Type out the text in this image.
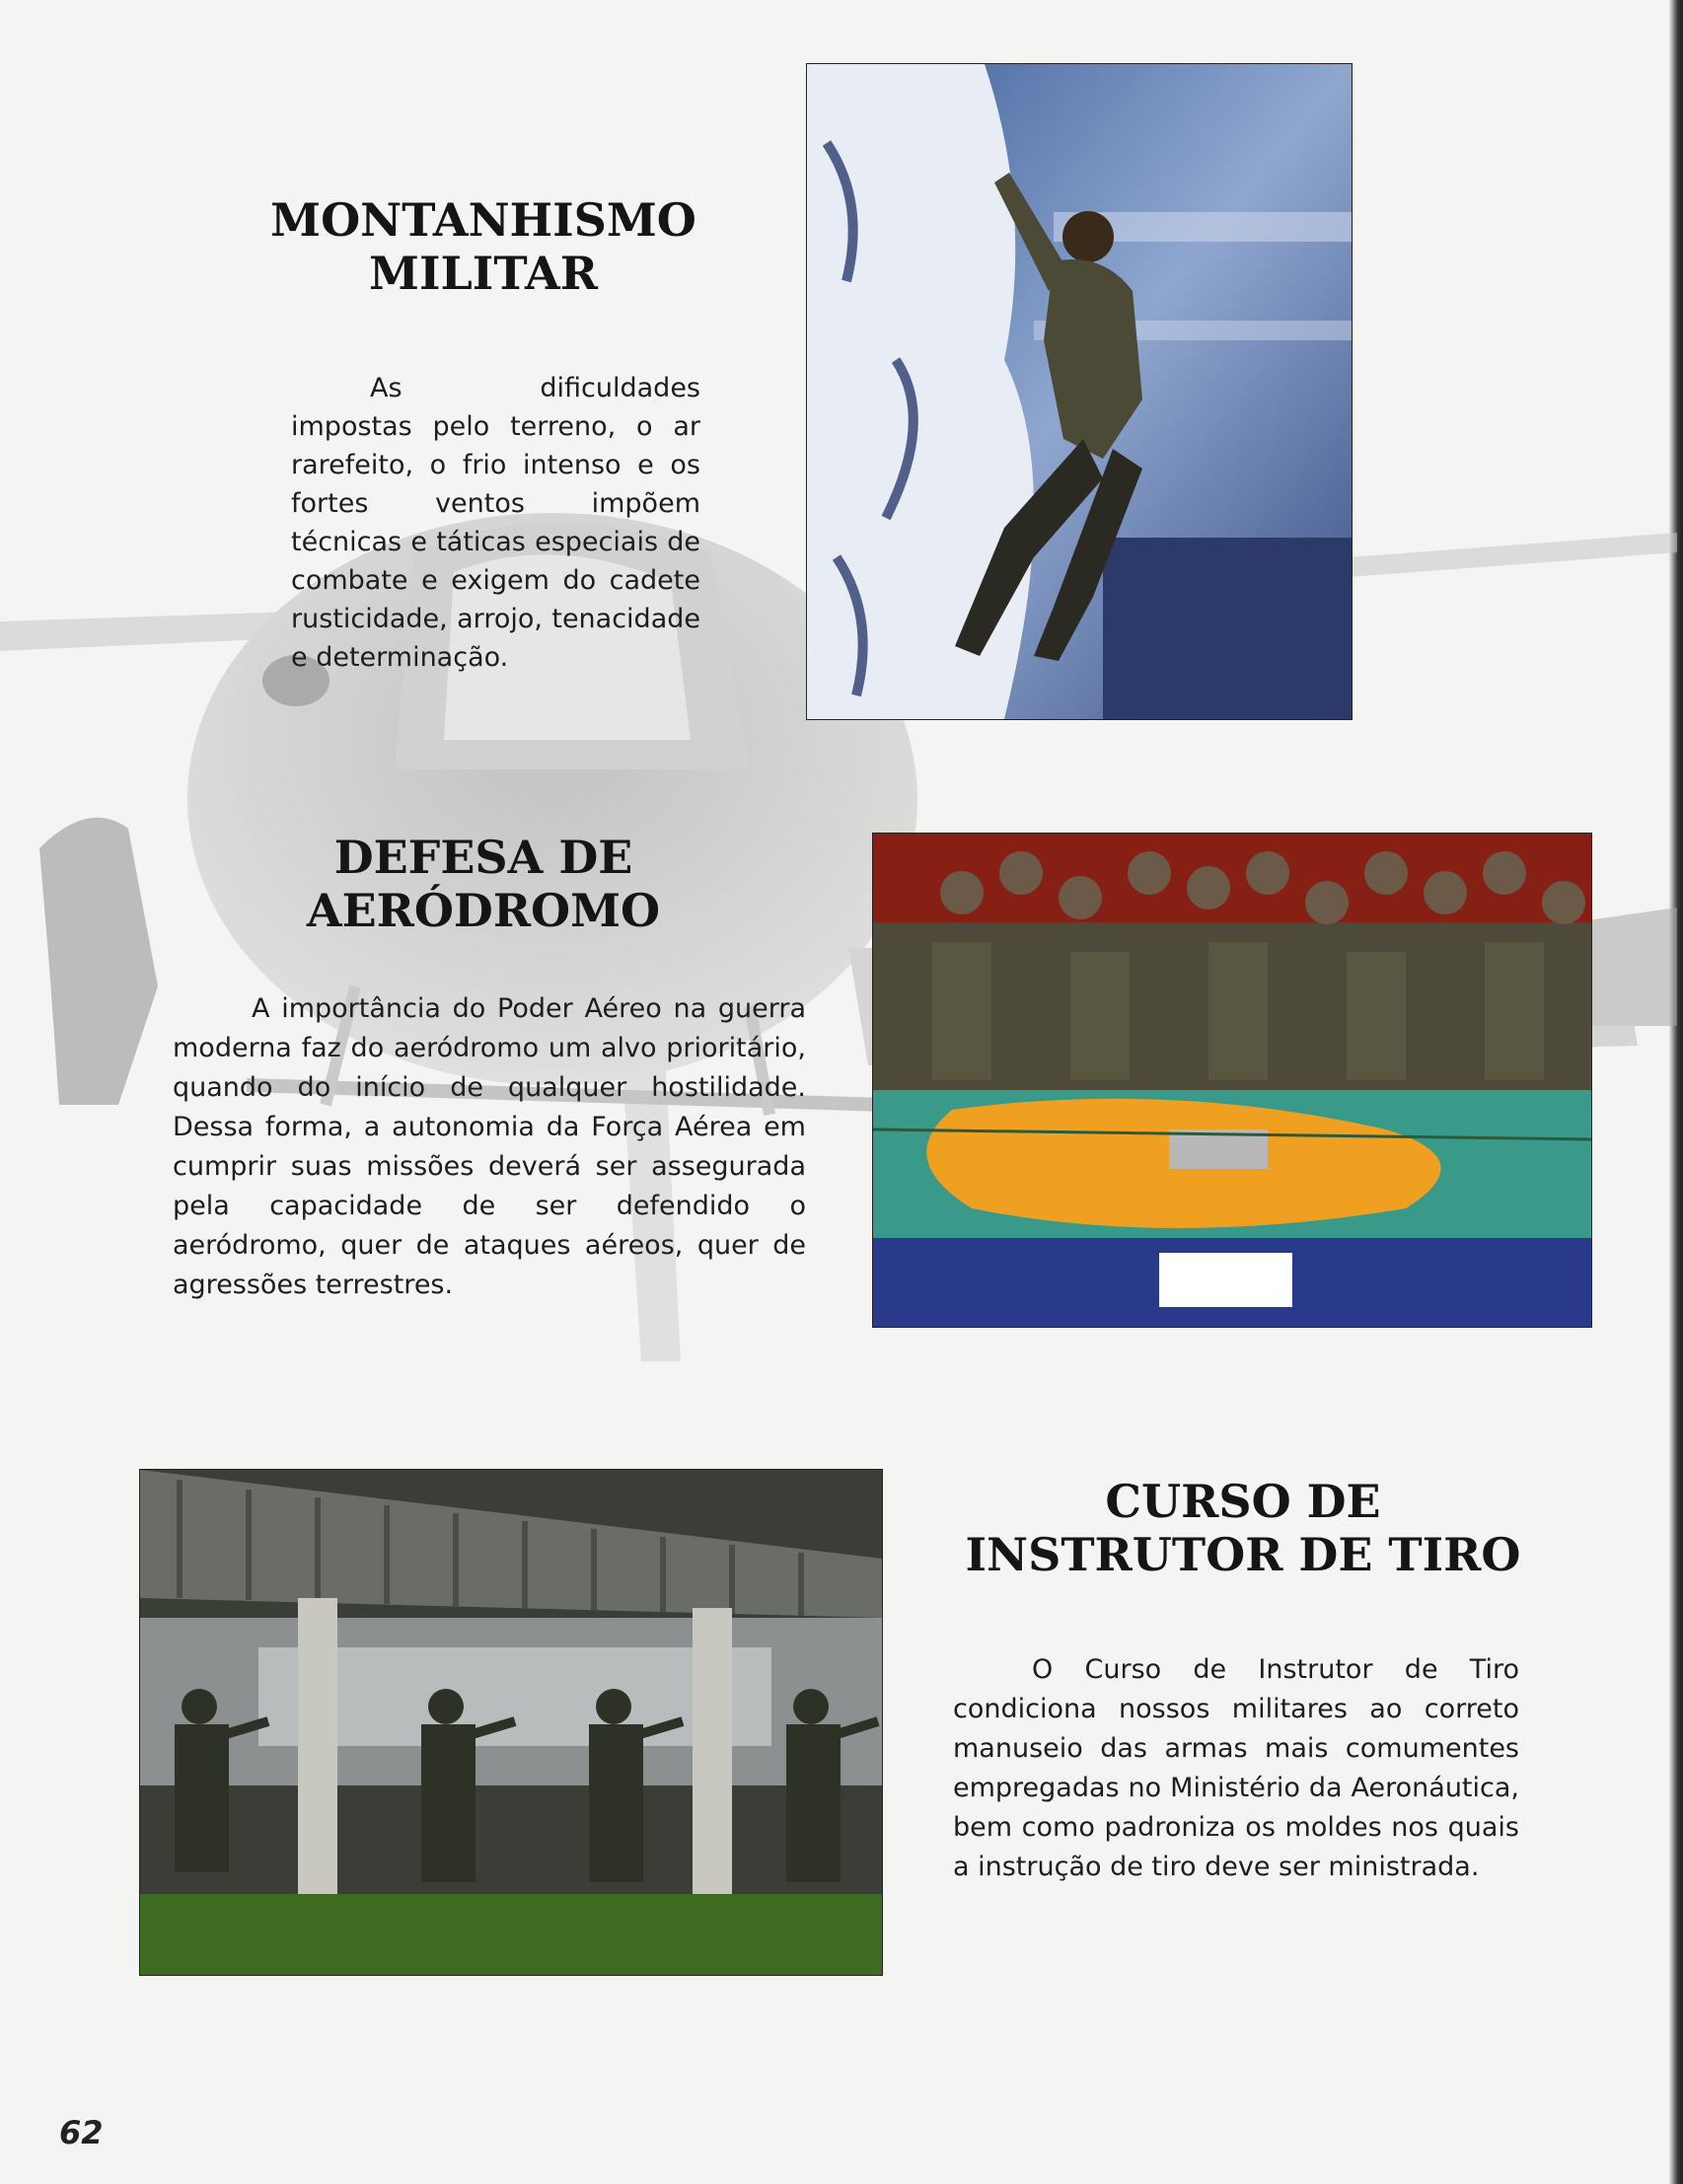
MONTANHISMO
MILITAR

As dificuldades impostas pelo terreno, o ar rarefeito, o frio intenso e os fortes ventos impõem técnicas e táticas especiais de combate e exigem do cadete rusticidade, arrojo, tenacidade e determinação.

DEFESA DE
AERÓDROMO

A importância do Poder Aéreo na guerra moderna faz do aeródromo um alvo prioritário, quando do início de qualquer hostilidade. Dessa forma, a autonomia da Força Aérea em cumprir suas missões deverá ser assegurada pela capacidade de ser defendido o aeródromo, quer de ataques aéreos, quer de agressões terrestres.

CURSO DE
INSTRUTOR DE TIRO

O Curso de Instrutor de Tiro condiciona nossos militares ao correto manuseio das armas mais comumentes empregadas no Ministério da Aeronáutica, bem como padroniza os moldes nos quais a instrução de tiro deve ser ministrada.

62
